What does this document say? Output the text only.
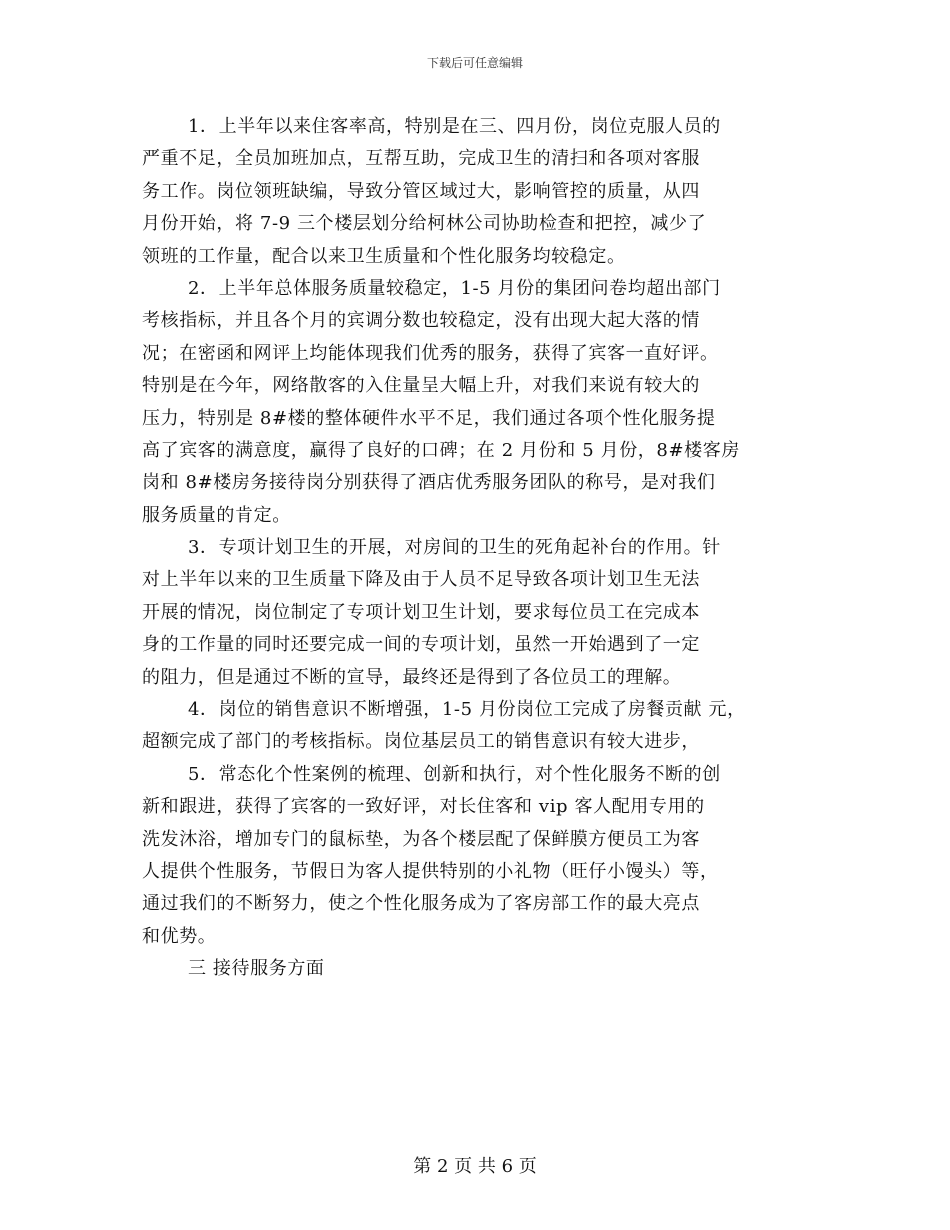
下载后可任意编辑
1．上半年以来住客率高，特别是在三、四月份，岗位克服人员的
严重不足，全员加班加点，互帮互助，完成卫生的清扫和各项对客服
务工作。岗位领班缺编，导致分管区域过大，影响管控的质量，从四
月份开始，将 7-9 三个楼层划分给柯林公司协助检查和把控，减少了
领班的工作量，配合以来卫生质量和个性化服务均较稳定。
2．上半年总体服务质量较稳定，1-5 月份的集团问卷均超出部门
考核指标，并且各个月的宾调分数也较稳定，没有出现大起大落的情
况；在密函和网评上均能体现我们优秀的服务，获得了宾客一直好评。
特别是在今年，网络散客的入住量呈大幅上升，对我们来说有较大的
压力，特别是 8#楼的整体硬件水平不足，我们通过各项个性化服务提
高了宾客的满意度，赢得了良好的口碑；在 2 月份和 5 月份，8#楼客房
岗和 8#楼房务接待岗分别获得了酒店优秀服务团队的称号，是对我们
服务质量的肯定。
3．专项计划卫生的开展，对房间的卫生的死角起补台的作用。针
对上半年以来的卫生质量下降及由于人员不足导致各项计划卫生无法
开展的情况，岗位制定了专项计划卫生计划，要求每位员工在完成本
身的工作量的同时还要完成一间的专项计划，虽然一开始遇到了一定
的阻力，但是通过不断的宣导，最终还是得到了各位员工的理解。
4．岗位的销售意识不断增强，1-5 月份岗位工完成了房餐贡献 元，
超额完成了部门的考核指标。岗位基层员工的销售意识有较大进步，
5．常态化个性案例的梳理、创新和执行，对个性化服务不断的创
新和跟进，获得了宾客的一致好评，对长住客和 vip 客人配用专用的
洗发沐浴，增加专门的鼠标垫，为各个楼层配了保鲜膜方便员工为客
人提供个性服务，节假日为客人提供特别的小礼物（旺仔小馒头）等，
通过我们的不断努力，使之个性化服务成为了客房部工作的最大亮点
和优势。
三 接待服务方面
第 2 页 共 6 页
